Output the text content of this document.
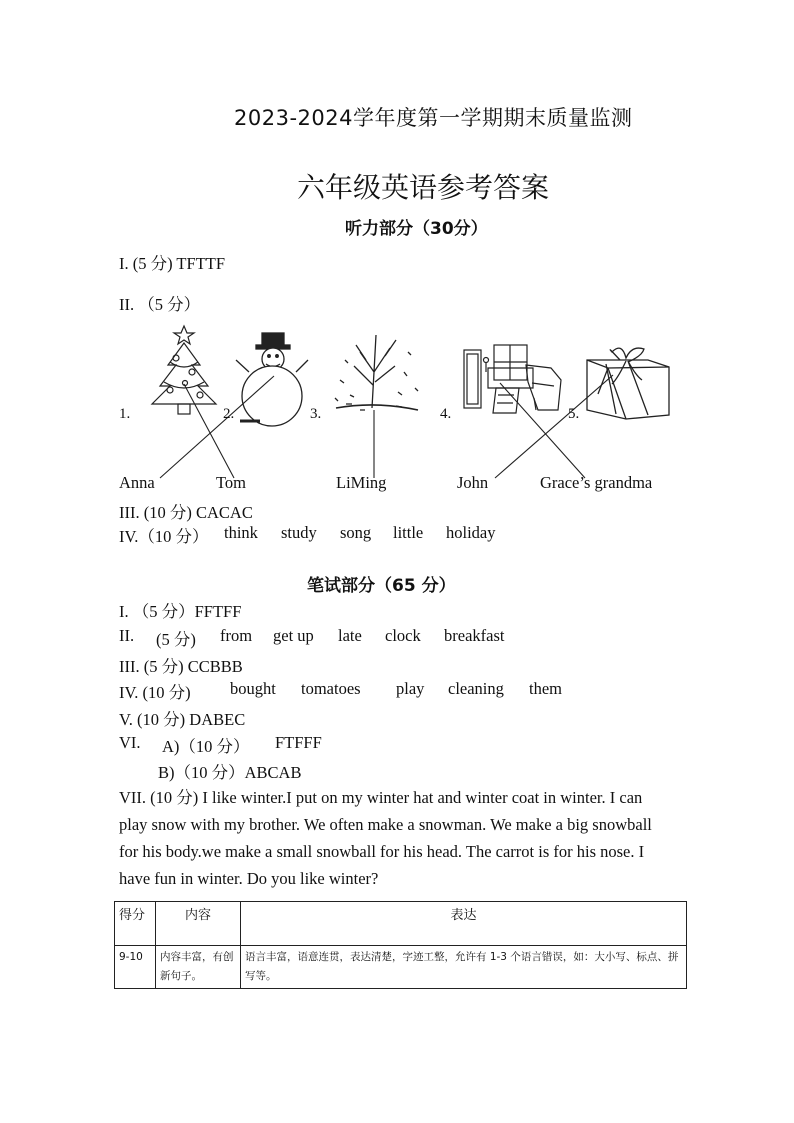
2023-2024学年度第一学期期末质量监测
六年级英语参考答案
听力部分（30分）
I. (5 分) TFTTF
II. （5 分）
1.	2.	3.	4.	5.
Anna	Tom	LiMing	John	Grace’s grandma
III. (10 分) CACAC
IV.（10 分） think study song little holiday
笔试部分（65 分）
I. （5 分）FFTFF
II. (5 分) from get up late clock breakfast
III. (5 分) CCBBB
IV. (10 分) bought tomatoes play cleaning them
V. (10 分) DABEC
VI. A)（10 分） FTFFF
B)（10 分）ABCAB
VII. (10 分) I like winter.I put on my winter hat and winter coat in winter. I can play snow with my brother. We often make a snowman. We make a big snowball for his body.we make a small snowball for his head. The carrot is for his nose. I have fun in winter. Do you like winter?
得分	内容	表达
9-10	内容丰富，有创新句子。	语言丰富，语意连贯，表达清楚，字迹工整，允许有 1-3 个语言错误，如：大小写、标点、拼写等。
